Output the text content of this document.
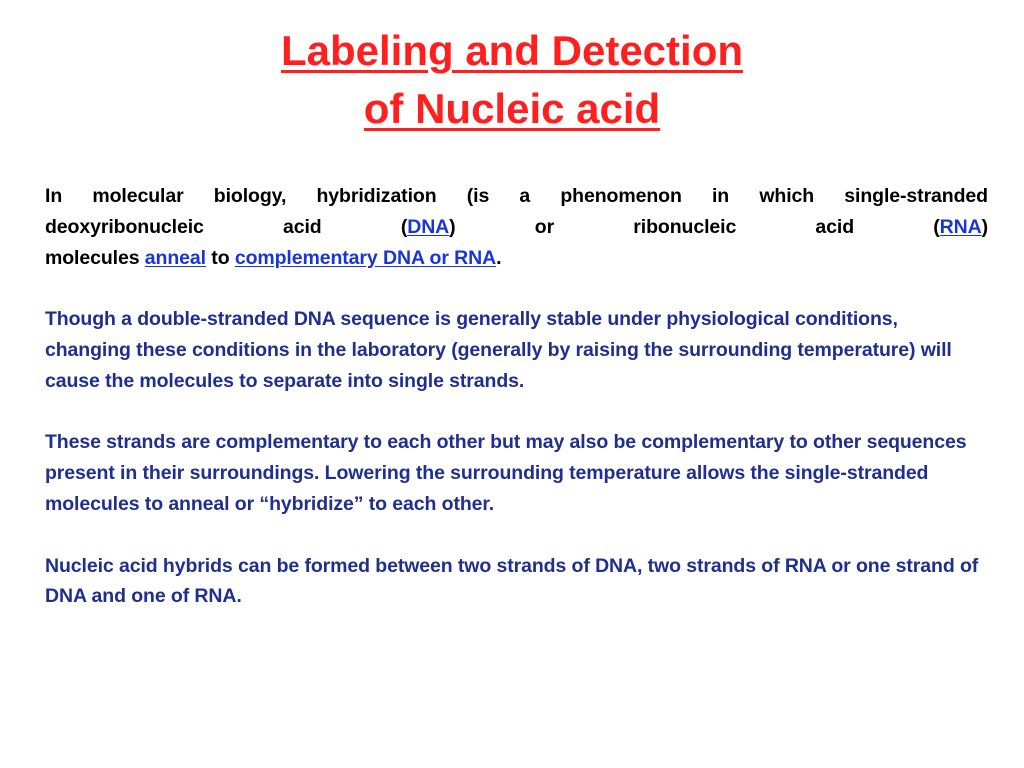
Labeling and Detection
of Nucleic acid
In molecular biology, hybridization (is a phenomenon in which single-stranded
deoxyribonucleic acid (DNA) or ribonucleic acid (RNA)
molecules anneal to complementary DNA or RNA.

Though a double-stranded DNA sequence is generally stable under physiological conditions, changing these conditions in the laboratory (generally by raising the surrounding temperature) will cause the molecules to separate into single strands.

These strands are complementary to each other but may also be complementary to other sequences present in their surroundings. Lowering the surrounding temperature allows the single-stranded molecules to anneal or “hybridize” to each other.

Nucleic acid hybrids can be formed between two strands of DNA, two strands of RNA or one strand of DNA and one of RNA.
